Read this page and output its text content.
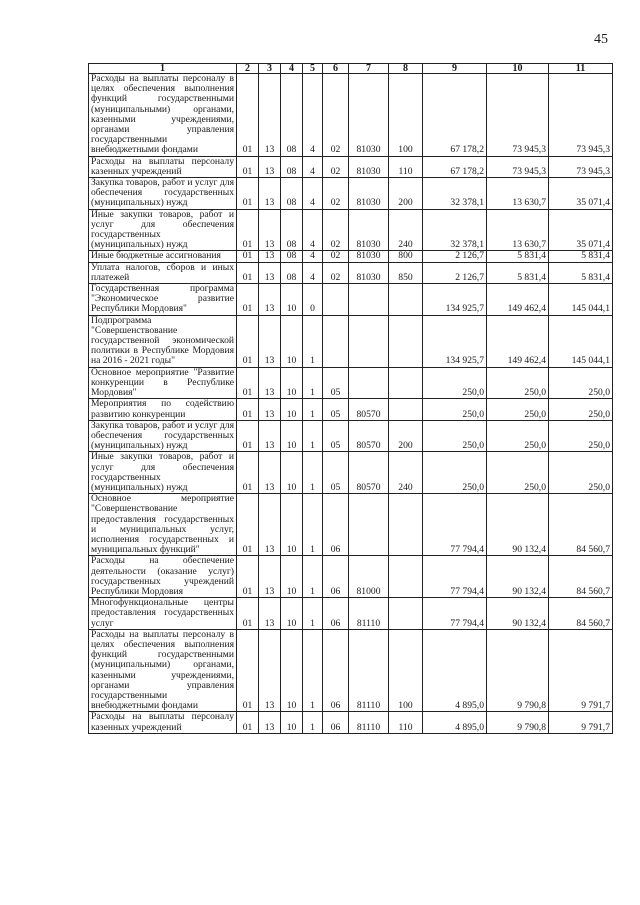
45
1	2	3	4	5	6	7	8	9	10	11
Расходы на выплаты персоналу в целях обеспечения выполнения функций государственными (муниципальными) органами, казенными учреждениями, органами управления государственными внебюджетными фондами	01	13	08	4	02	81030	100	67 178,2	73 945,3	73 945,3
Расходы на выплаты персоналу казенных учреждений	01	13	08	4	02	81030	110	67 178,2	73 945,3	73 945,3
Закупка товаров, работ и услуг для обеспечения государственных (муниципальных) нужд	01	13	08	4	02	81030	200	32 378,1	13 630,7	35 071,4
Иные закупки товаров, работ и услуг для обеспечения государственных (муниципальных) нужд	01	13	08	4	02	81030	240	32 378,1	13 630,7	35 071,4
Иные бюджетные ассигнования	01	13	08	4	02	81030	800	2 126,7	5 831,4	5 831,4
Уплата налогов, сборов и иных платежей	01	13	08	4	02	81030	850	2 126,7	5 831,4	5 831,4
Государственная программа "Экономическое развитие Республики Мордовия"	01	13	10	0				134 925,7	149 462,4	145 044,1
Подпрограмма "Совершенствование государственной экономической политики в Республике Мордовия на 2016 - 2021 годы"	01	13	10	1				134 925,7	149 462,4	145 044,1
Основное мероприятие "Развитие конкуренции в Республике Мордовия"	01	13	10	1	05			250,0	250,0	250,0
Мероприятия по содействию развитию конкуренции	01	13	10	1	05	80570		250,0	250,0	250,0
Закупка товаров, работ и услуг для обеспечения государственных (муниципальных) нужд	01	13	10	1	05	80570	200	250,0	250,0	250,0
Иные закупки товаров, работ и услуг для обеспечения государственных (муниципальных) нужд	01	13	10	1	05	80570	240	250,0	250,0	250,0
Основное мероприятие "Совершенствование предоставления государственных и муниципальных услуг, исполнения государственных и муниципальных функций"	01	13	10	1	06			77 794,4	90 132,4	84 560,7
Расходы на обеспечение деятельности (оказание услуг) государственных учреждений Республики Мордовия	01	13	10	1	06	81000		77 794,4	90 132,4	84 560,7
Многофункциональные центры предоставления государственных услуг	01	13	10	1	06	81110		77 794,4	90 132,4	84 560,7
Расходы на выплаты персоналу в целях обеспечения выполнения функций государственными (муниципальными) органами, казенными учреждениями, органами управления государственными внебюджетными фондами	01	13	10	1	06	81110	100	4 895,0	9 790,8	9 791,7
Расходы на выплаты персоналу казенных учреждений	01	13	10	1	06	81110	110	4 895,0	9 790,8	9 791,7
